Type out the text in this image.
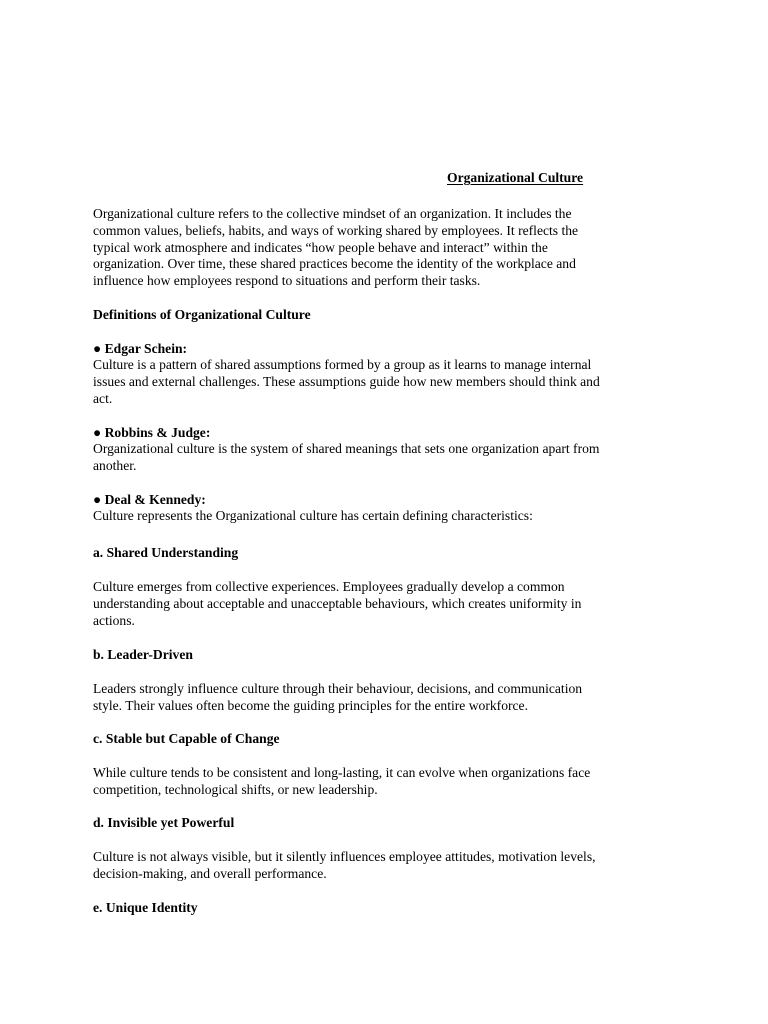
Organizational Culture

Organizational culture refers to the collective mindset of an organization. It includes the
common values, beliefs, habits, and ways of working shared by employees. It reflects the
typical work atmosphere and indicates “how people behave and interact” within the
organization. Over time, these shared practices become the identity of the workplace and
influence how employees respond to situations and perform their tasks.

Definitions of Organizational Culture

● Edgar Schein:

Culture is a pattern of shared assumptions formed by a group as it learns to manage internal
issues and external challenges. These assumptions guide how new members should think and
act.

● Robbins & Judge:

Organizational culture is the system of shared meanings that sets one organization apart from
another.

● Deal & Kennedy:

Culture represents the Organizational culture has certain defining characteristics:

a. Shared Understanding

Culture emerges from collective experiences. Employees gradually develop a common
understanding about acceptable and unacceptable behaviours, which creates uniformity in
actions.

b. Leader-Driven

Leaders strongly influence culture through their behaviour, decisions, and communication
style. Their values often become the guiding principles for the entire workforce.

c. Stable but Capable of Change

While culture tends to be consistent and long-lasting, it can evolve when organizations face
competition, technological shifts, or new leadership.

d. Invisible yet Powerful

Culture is not always visible, but it silently influences employee attitudes, motivation levels,
decision-making, and overall performance.

e. Unique Identity
